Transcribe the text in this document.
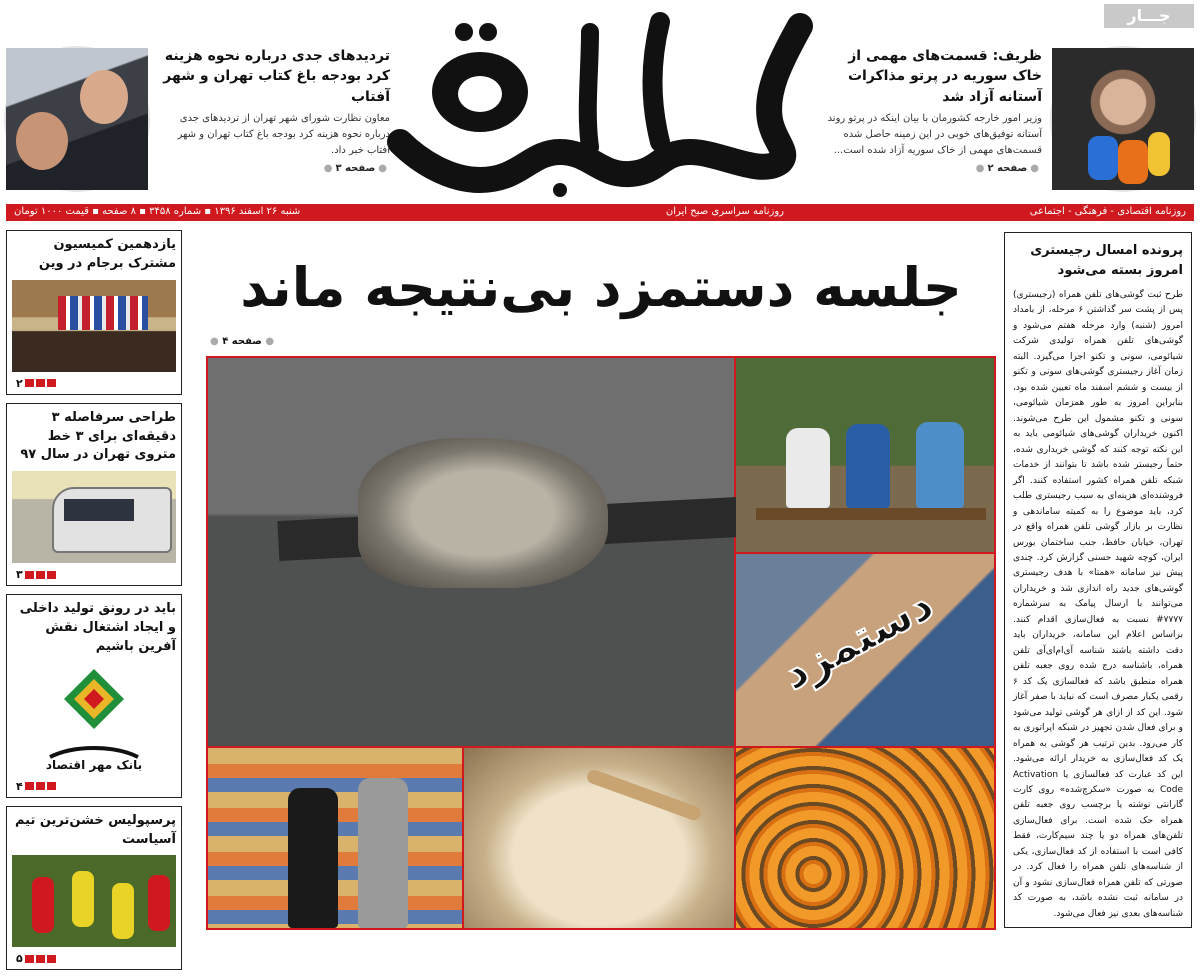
جـــار
ظریف: قسمت‌های مهمی از خاک سوریه در پرتو مذاکرات آستانه آزاد شد

وزیر امور خارجه کشورمان با بیان اینکه در پرتو روند آستانه توفیق‌های خوبی در این زمینه حاصل شده قسمت‌های مهمی از خاک سوریه آزاد شده است...

●صفحه ۲●
صاحب قلم
تردیدهای جدی درباره نحوه هزینه کرد بودجه باغ کتاب تهران و شهر آفتاب

معاون نظارت شورای شهر تهران از تردیدهای جدی درباره نحوه هزینه کرد بودجه باغ کتاب تهران و شهر آفتاب خبر داد.

●صفحه ۳●
روزنامه اقتصادی - فرهنگی - اجتماعی
روزنامه سراسری صبح ایران
شنبه ۲۶ اسفند ۱۳۹۶ ▪ شماره ۳۴۵۸ ▪ ۸ صفحه ▪ قیمت ۱۰۰۰ تومان
یازدهمین کمیسیون مشترک برجام در وین
۲
طراحی سرفاصله ۳ دقیقه‌ای برای ۳ خط متروی تهران در سال ۹۷
۳
باید در رونق تولید داخلی و ایجاد اشتغال نقش آفرین باشیم
بانک مهر اقتصاد
۴
پرسپولیس خشن‌ترین تیم آسیاست
۵
جلسه دستمزد بی‌نتیجه ماند
● صفحه ۴ ●
دستمزد
پرونده امسال رجیستری امروز بسته می‌شود
طرح ثبت گوشی‌های تلفن همراه (رجیستری) پس از پشت سر گذاشتن ۶ مرحله، از بامداد امروز (شنبه) وارد مرحله هفتم می‌شود و گوشی‌های تلفن همراه تولیدی شرکت شیائومی، سونی و تکنو اجرا می‌گیرد. البته زمان آغاز رجیستری گوشی‌های سونی و تکنو از بیست و ششم اسفند ماه تعیین شده بود، بنابراین امروز به طور همزمان شیائومی، سونی و تکنو مشمول این طرح می‌شوند. اکنون خریداران گوشی‌های شیائومی باید به این نکته توجه کنند که گوشی خریداری شده، حتماً رجیستر شده باشد تا بتوانند از خدمات شبکه تلفن همراه کشور استفاده کنند. اگر فروشنده‌ای هزینه‌ای به سبب رجیستری طلب کرد، باید موضوع را به کمیته ساماندهی و نظارت بر بازار گوشی تلفن همراه واقع در تهران، خیابان حافظ، جنب ساختمان بورس ایران، کوچه شهید حسنی گزارش کرد. چندی پیش نیز سامانه «همتا» با هدف رجیستری گوشی‌های جدید راه اندازی شد و خریداران می‌توانند با ارسال پیامک به سرشماره ۷۷۷۷# نسبت به فعال‌سازی اقدام کنند. براساس اعلام این سامانه، خریداران باید دقت داشته باشند شناسه آی‌ام‌ای‌آی تلفن همراه، باشناسه درج شده روی جعبه تلفن همراه منطبق باشد که فعالسازی یک کد ۶ رقمی یکبار مصرف است که نباید با صفر آغاز شود. این کد از ازای هر گوشی تولید می‌شود و برای فعال شدن تجهیز در شبکه اپراتوری به کار می‌رود. بدین ترتیب هر گوشی به همراه یک کد فعال‌سازی به خریدار ارائه می‌شود. این کد عبارت کد فعالسازی یا Activation Code به صورت «سکرچ‌شده» روی کارت گارانتی نوشته یا برچسب روی جعبه تلفن همراه حک شده است. برای فعال‌سازی تلفن‌های همراه دو یا چند سیم‌کارت، فقط کافی است با استفاده از کد فعال‌سازی، یکی از شناسه‌های تلفن همراه را فعال کرد. در صورتی که تلفن همراه فعال‌سازی نشود و آن در سامانه ثبت نشده باشد، به صورت کد شناسه‌های بعدی نیز فعال می‌شود.
